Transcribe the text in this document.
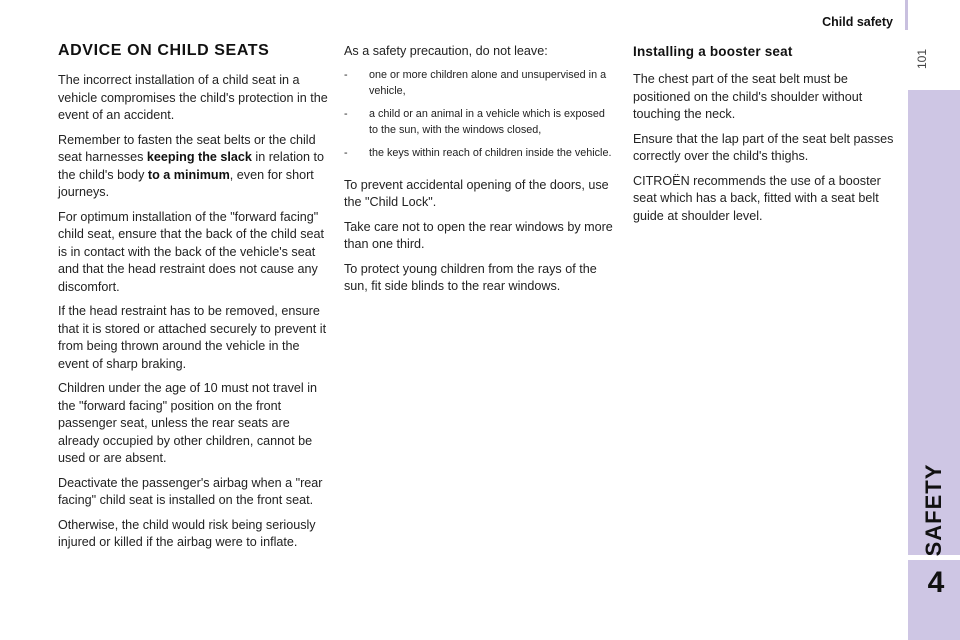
Child safety
SAFETY
4
101
ADVICE ON CHILD SEATS

The incorrect installation of a child seat in a vehicle compromises the child's protection in the event of an accident.

Remember to fasten the seat belts or the child seat harnesses keeping the slack in relation to the child's body to a minimum, even for short journeys.

For optimum installation of the "forward facing" child seat, ensure that the back of the child seat is in contact with the back of the vehicle's seat and that the head restraint does not cause any discomfort.

If the head restraint has to be removed, ensure that it is stored or attached securely to prevent it from being thrown around the vehicle in the event of sharp braking.

Children under the age of 10 must not travel in the "forward facing" position on the front passenger seat, unless the rear seats are already occupied by other children, cannot be used or are absent.

Deactivate the passenger's airbag when a "rear facing" child seat is installed on the front seat.

Otherwise, the child would risk being seriously injured or killed if the airbag were to inflate.

As a safety precaution, do not leave:

- one or more children alone and unsupervised in a vehicle,
- a child or an animal in a vehicle which is exposed to the sun, with the windows closed,
- the keys within reach of children inside the vehicle.

To prevent accidental opening of the doors, use the "Child Lock".

Take care not to open the rear windows by more than one third.

To protect young children from the rays of the sun, fit side blinds to the rear windows.

Installing a booster seat

The chest part of the seat belt must be positioned on the child's shoulder without touching the neck.

Ensure that the lap part of the seat belt passes correctly over the child's thighs.

CITROËN recommends the use of a booster seat which has a back, fitted with a seat belt guide at shoulder level.
